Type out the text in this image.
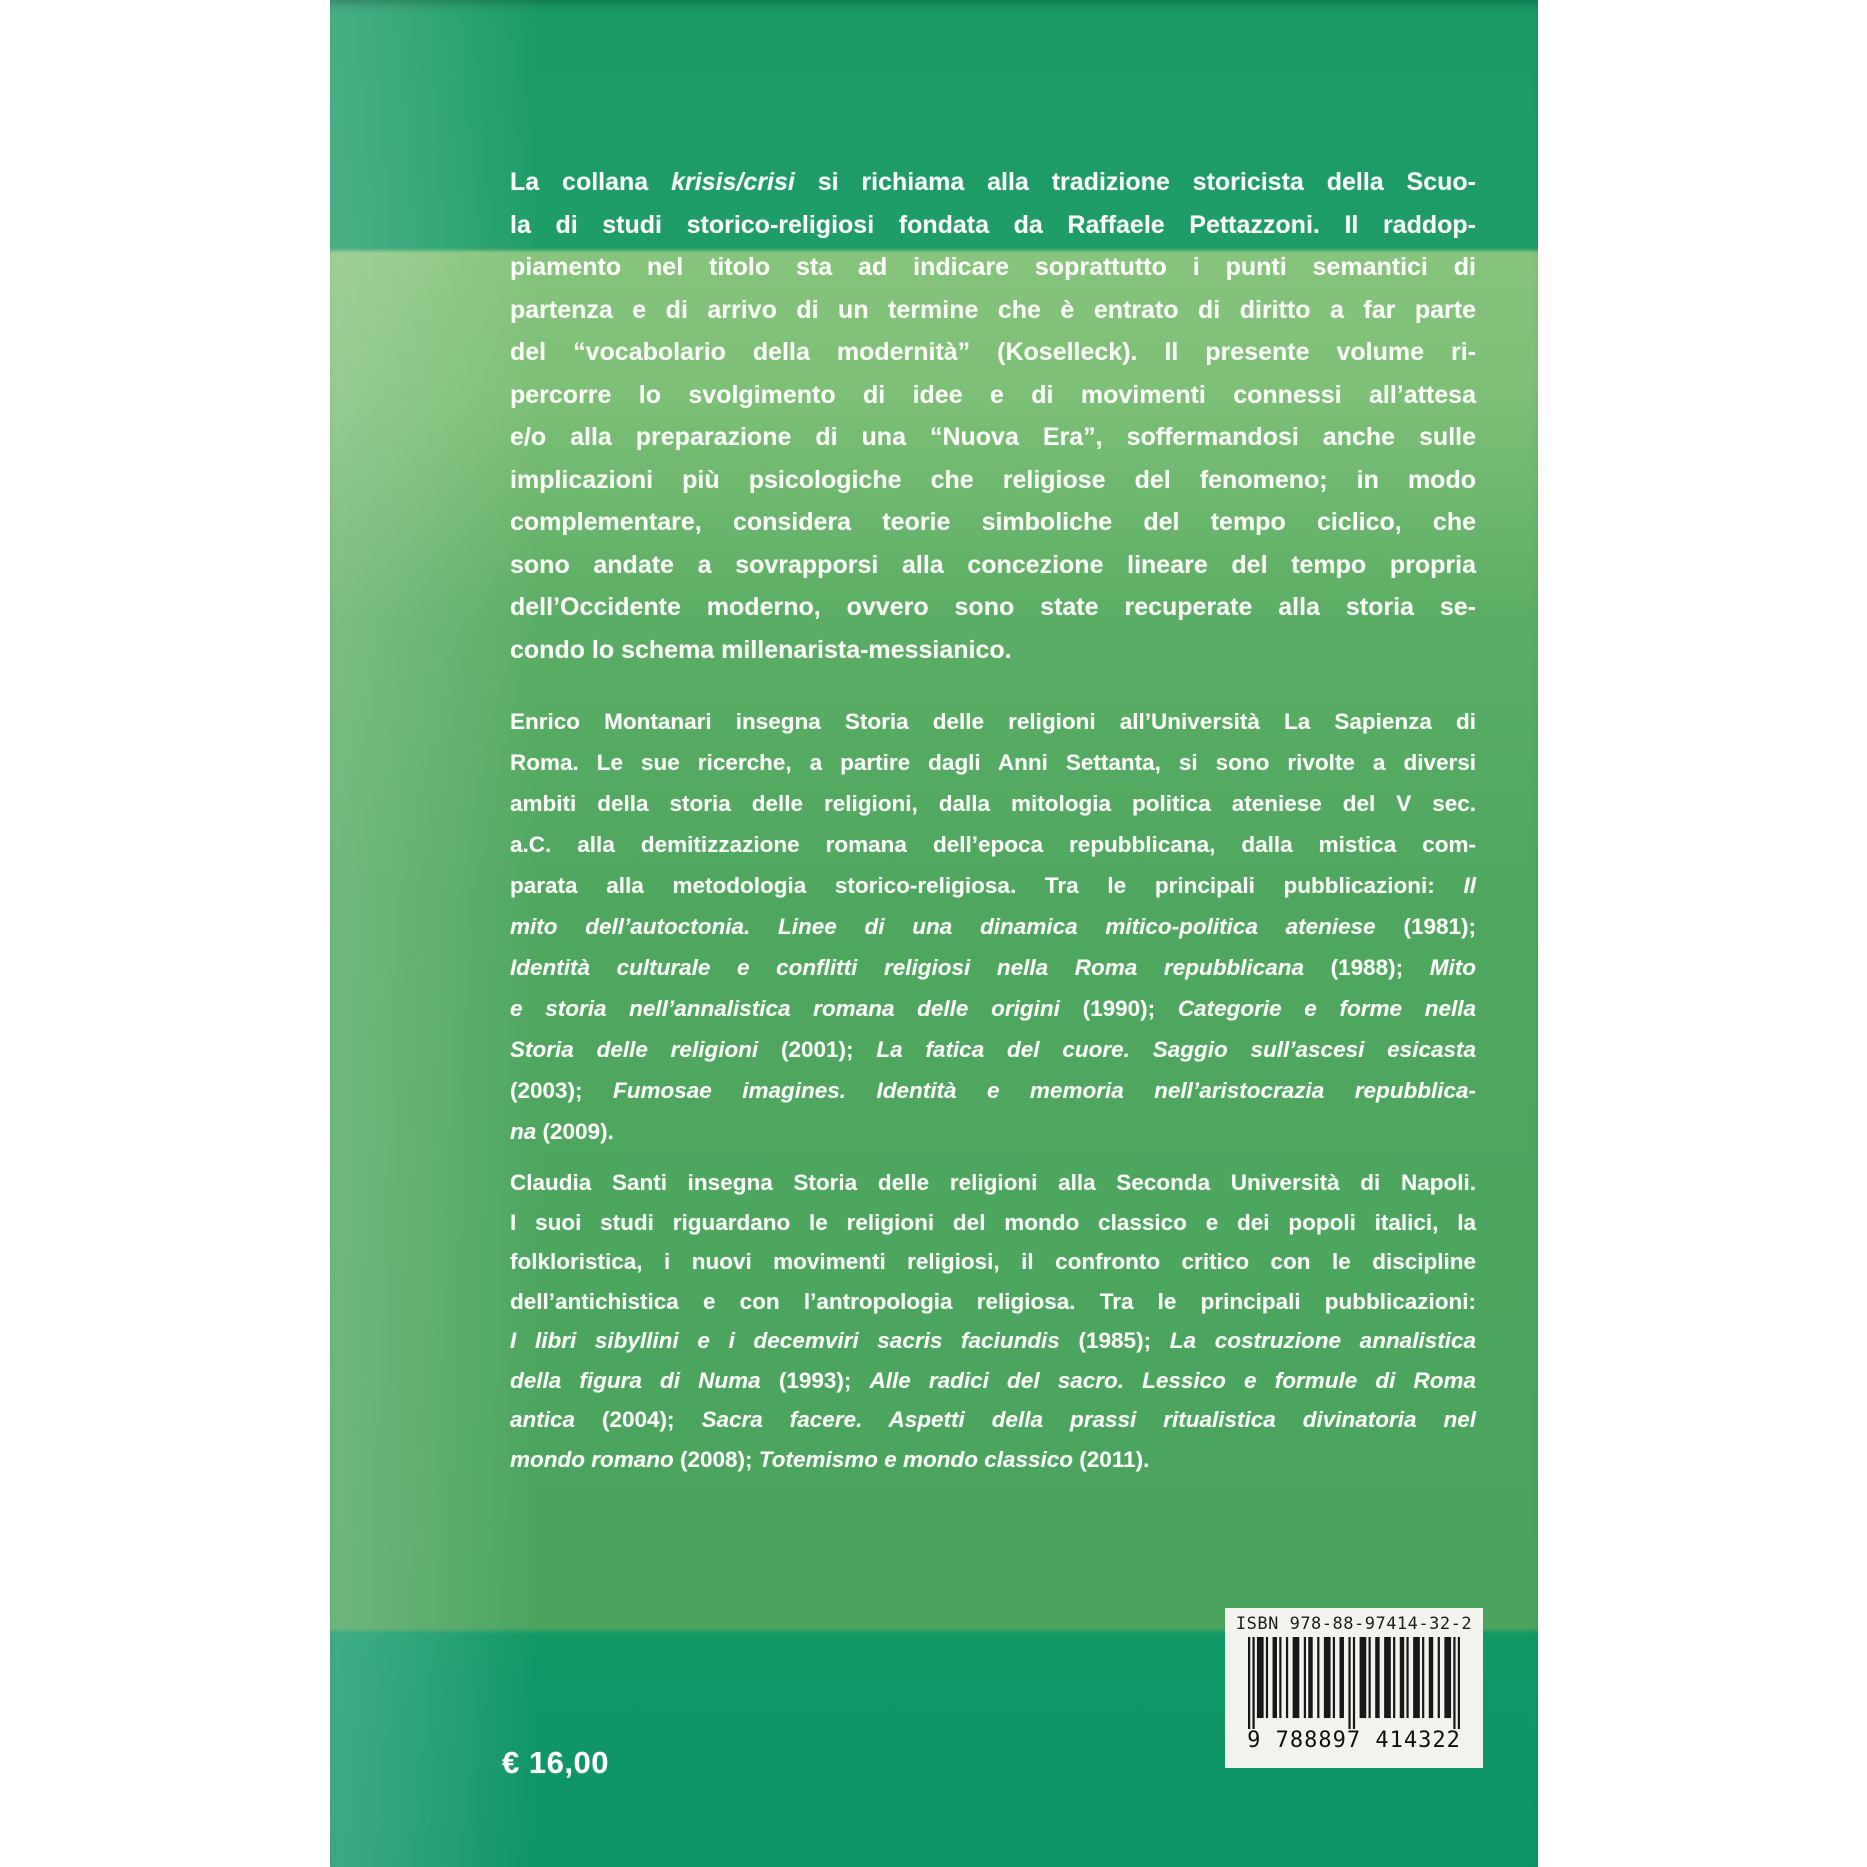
La collana krisis/crisi si richiama alla tradizione storicista della Scuo-
la di studi storico-religiosi fondata da Raffaele Pettazzoni. Il raddop-
piamento nel titolo sta ad indicare soprattutto i punti semantici di
partenza e di arrivo di un termine che è entrato di diritto a far parte
del “vocabolario della modernità” (Koselleck). Il presente volume ri-
percorre lo svolgimento di idee e di movimenti connessi all’attesa
e/o alla preparazione di una “Nuova Era”, soffermandosi anche sulle
implicazioni più psicologiche che religiose del fenomeno; in modo
complementare, considera teorie simboliche del tempo ciclico, che
sono andate a sovrapporsi alla concezione lineare del tempo propria
dell’Occidente moderno, ovvero sono state recuperate alla storia se-
condo lo schema millenarista-messianico.
Enrico Montanari insegna Storia delle religioni all’Università La Sapienza di
Roma. Le sue ricerche, a partire dagli Anni Settanta, si sono rivolte a diversi
ambiti della storia delle religioni, dalla mitologia politica ateniese del V sec.
a.C. alla demitizzazione romana dell’epoca repubblicana, dalla mistica com-
parata alla metodologia storico-religiosa. Tra le principali pubblicazioni: Il
mito dell’autoctonia. Linee di una dinamica mitico-politica ateniese (1981);
Identità culturale e conflitti religiosi nella Roma repubblicana (1988); Mito
e storia nell’annalistica romana delle origini (1990); Categorie e forme nella
Storia delle religioni (2001); La fatica del cuore. Saggio sull’ascesi esicasta
(2003); Fumosae imagines. Identità e memoria nell’aristocrazia repubblica-
na (2009).
Claudia Santi insegna Storia delle religioni alla Seconda Università di Napoli.
I suoi studi riguardano le religioni del mondo classico e dei popoli italici, la
folkloristica, i nuovi movimenti religiosi, il confronto critico con le discipline
dell’antichistica e con l’antropologia religiosa. Tra le principali pubblicazioni:
I libri sibyllini e i decemviri sacris faciundis (1985); La costruzione annalistica
della figura di Numa (1993); Alle radici del sacro. Lessico e formule di Roma
antica (2004); Sacra facere. Aspetti della prassi ritualistica divinatoria nel
mondo romano (2008); Totemismo e mondo classico (2011).
€ 16,00
ISBN 978-88-97414-32-2
9 788897 414322
